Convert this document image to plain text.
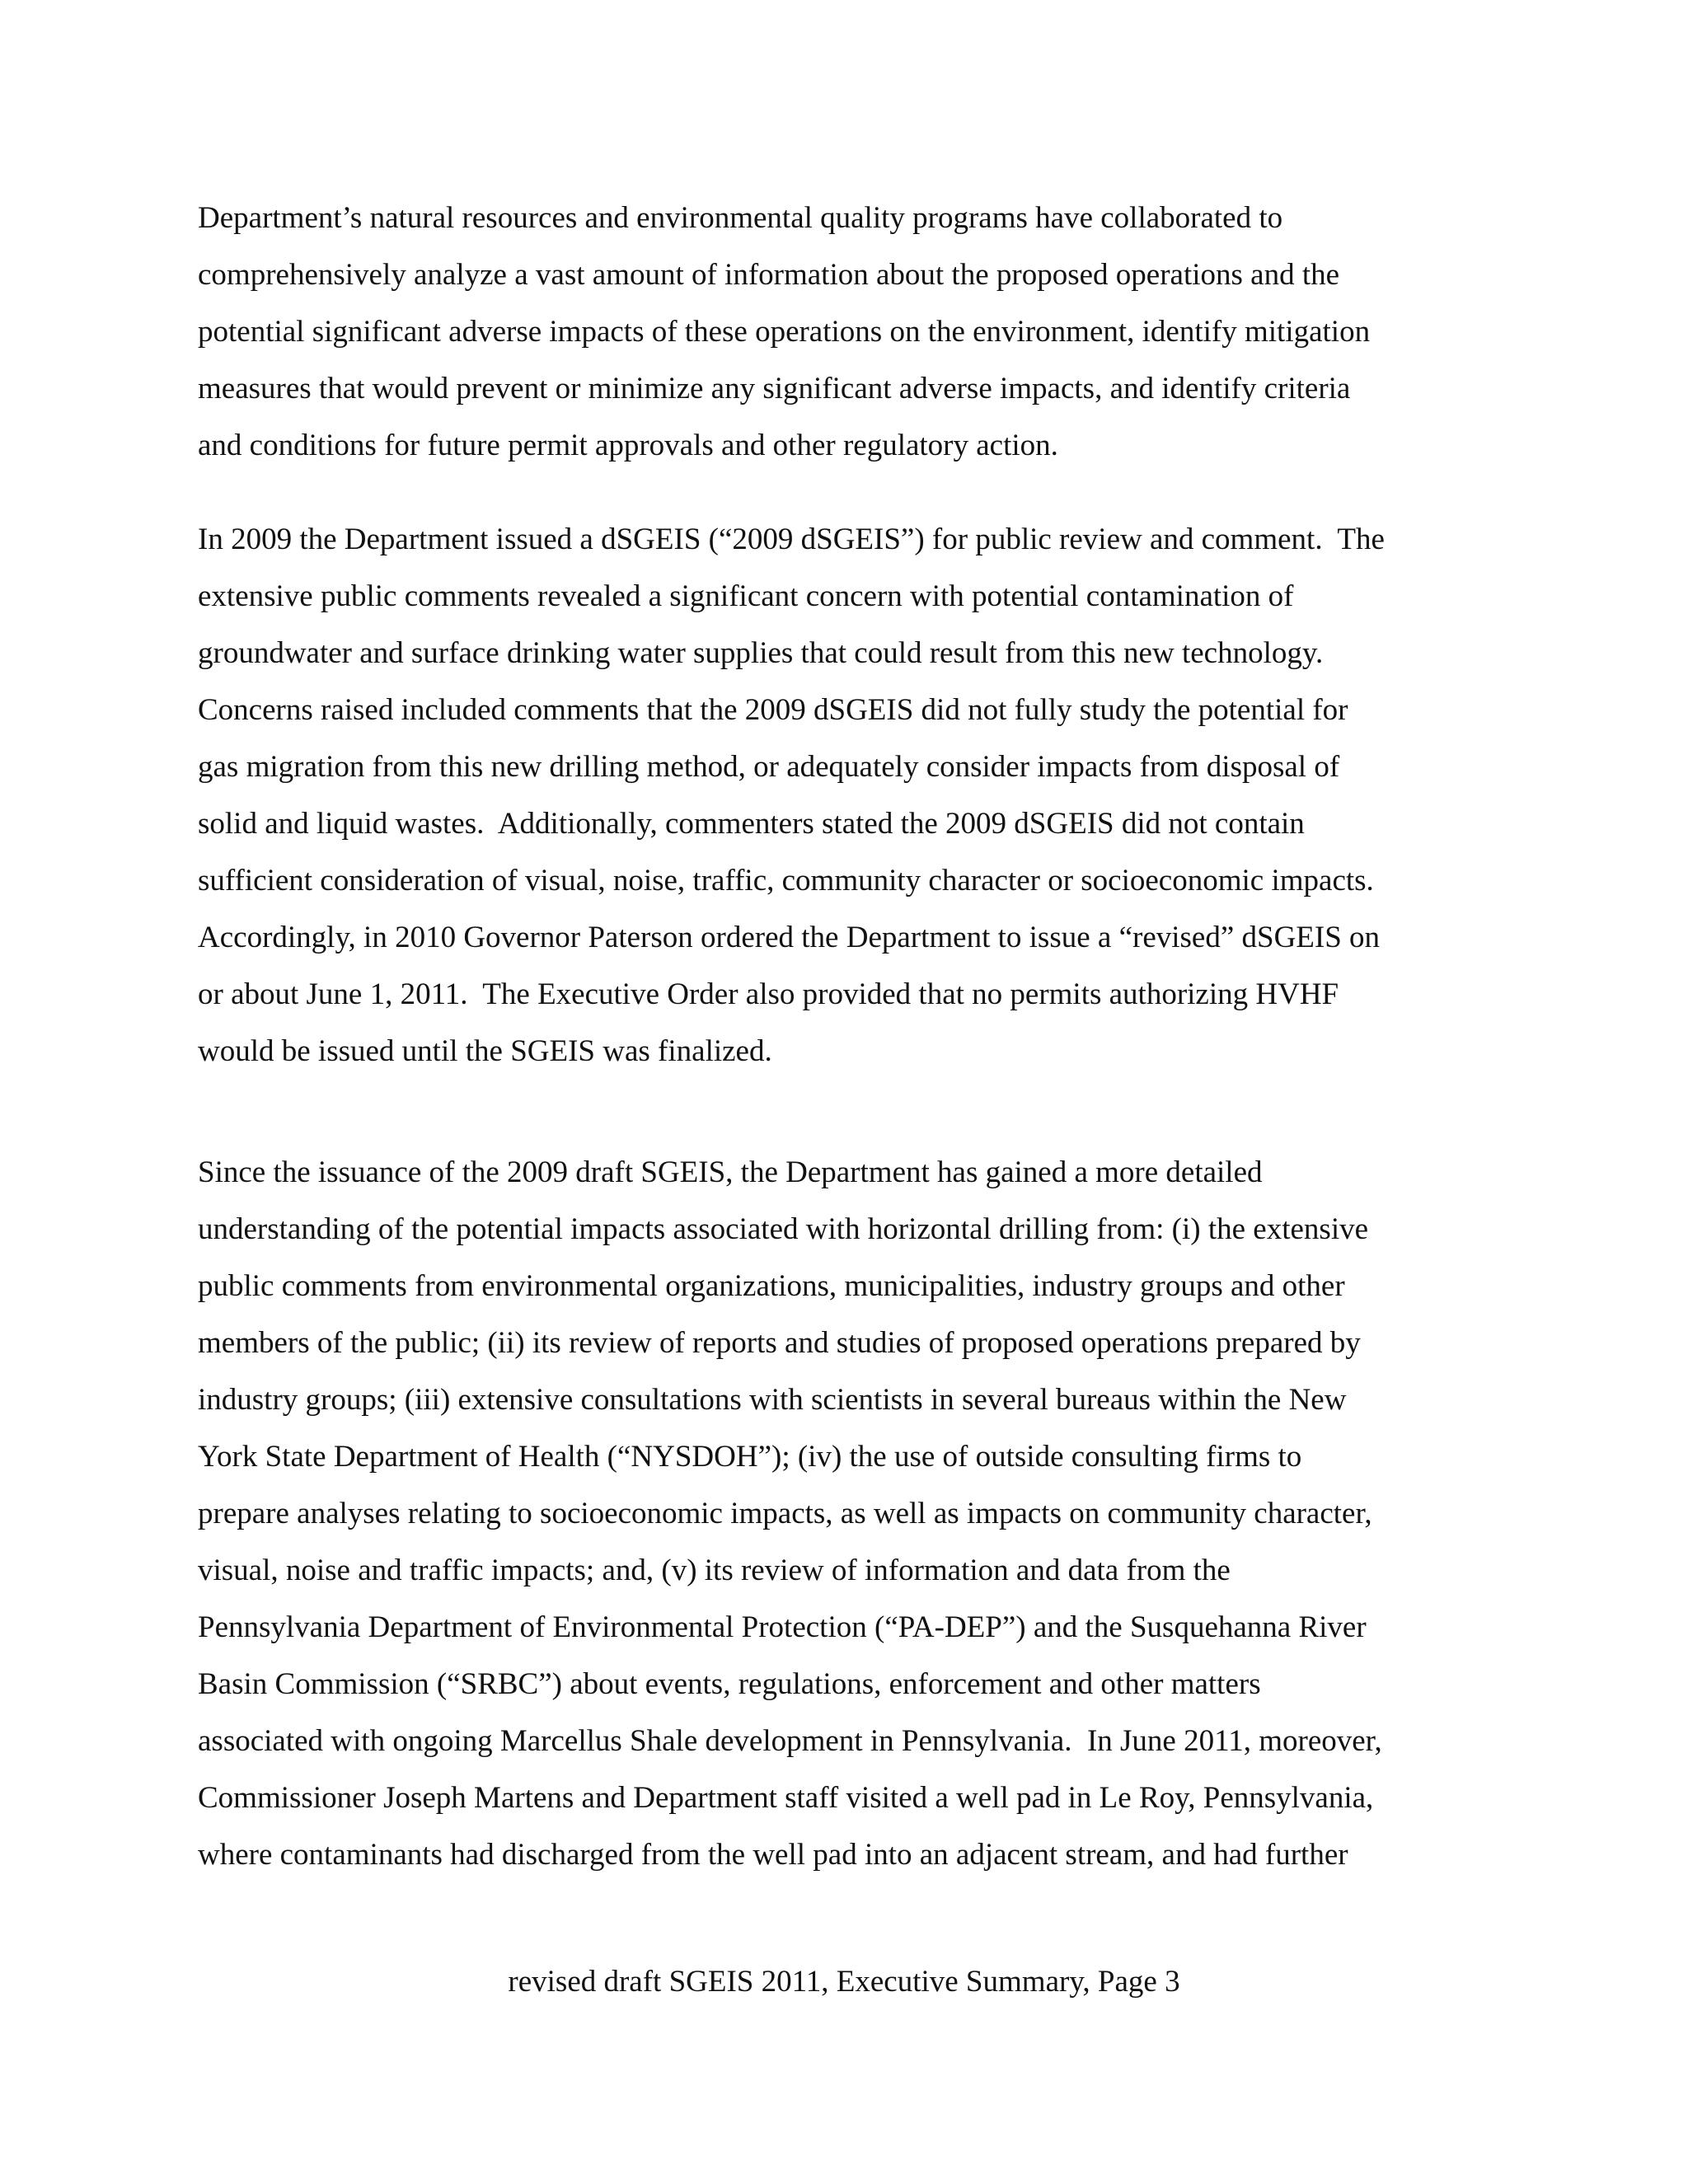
Department’s natural resources and environmental quality programs have collaborated to
comprehensively analyze a vast amount of information about the proposed operations and the
potential significant adverse impacts of these operations on the environment, identify mitigation
measures that would prevent or minimize any significant adverse impacts, and identify criteria
and conditions for future permit approvals and other regulatory action.
In 2009 the Department issued a dSGEIS (“2009 dSGEIS”) for public review and comment.  The
extensive public comments revealed a significant concern with potential contamination of
groundwater and surface drinking water supplies that could result from this new technology.
Concerns raised included comments that the 2009 dSGEIS did not fully study the potential for
gas migration from this new drilling method, or adequately consider impacts from disposal of
solid and liquid wastes.  Additionally, commenters stated the 2009 dSGEIS did not contain
sufficient consideration of visual, noise, traffic, community character or socioeconomic impacts.
Accordingly, in 2010 Governor Paterson ordered the Department to issue a “revised” dSGEIS on
or about June 1, 2011.  The Executive Order also provided that no permits authorizing HVHF
would be issued until the SGEIS was finalized.
Since the issuance of the 2009 draft SGEIS, the Department has gained a more detailed
understanding of the potential impacts associated with horizontal drilling from: (i) the extensive
public comments from environmental organizations, municipalities, industry groups and other
members of the public; (ii) its review of reports and studies of proposed operations prepared by
industry groups; (iii) extensive consultations with scientists in several bureaus within the New
York State Department of Health (“NYSDOH”); (iv) the use of outside consulting firms to
prepare analyses relating to socioeconomic impacts, as well as impacts on community character,
visual, noise and traffic impacts; and, (v) its review of information and data from the
Pennsylvania Department of Environmental Protection (“PA-DEP”) and the Susquehanna River
Basin Commission (“SRBC”) about events, regulations, enforcement and other matters
associated with ongoing Marcellus Shale development in Pennsylvania.  In June 2011, moreover,
Commissioner Joseph Martens and Department staff visited a well pad in Le Roy, Pennsylvania,
where contaminants had discharged from the well pad into an adjacent stream, and had further
revised draft SGEIS 2011, Executive Summary, Page 3
